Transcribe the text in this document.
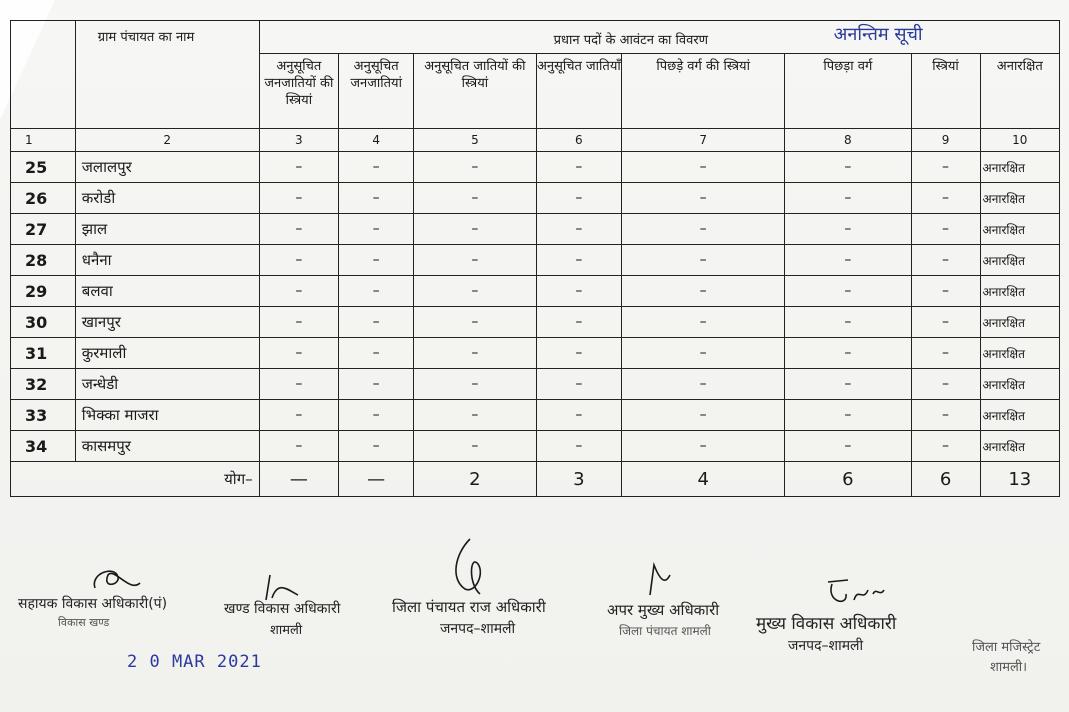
	ग्राम पंचायत का नाम	प्रधान पदों के आवंटन का विवरण अनन्तिम सूची							

		अनुसूचित जनजातियों की स्त्रियां	अनुसूचित जनजातियां	अनुसूचित जातियों की स्त्रियां	अनुसूचित जातियॉं	पिछड़े वर्ग की स्त्रियां	पिछड़ा वर्ग	स्त्रियां	अनारक्षित
1	2	3	4	5	6	7	8	9	10
25	जलालपुर	–	–	–	–	–	–	–	अनारक्षित
26	करोडी	–	–	–	–	–	–	–	अनारक्षित
27	झाल	–	–	–	–	–	–	–	अनारक्षित
28	धनैना	–	–	–	–	–	–	–	अनारक्षित
29	बलवा	–	–	–	–	–	–	–	अनारक्षित
30	खानपुर	–	–	–	–	–	–	–	अनारक्षित
31	कुरमाली	–	–	–	–	–	–	–	अनारक्षित
32	जन्धेडी	–	–	–	–	–	–	–	अनारक्षित
33	भिक्का माजरा	–	–	–	–	–	–	–	अनारक्षित
34	कासमपुर	–	–	–	–	–	–	–	अनारक्षित
योग–		—	—	2	3	4	6	6	13
सहायक विकास अधिकारी(पं)
विकास खण्ड
खण्ड विकास अधिकारी
शामली
जिला पंचायत राज अधिकारी
जनपद–शामली
अपर मुख्य अधिकारी
जिला पंचायत शामली	मुख्य विकास अधिकारी
जनपद–शामली	जिला मजिस्ट्रेट
शामली।
2 0 MAR 2021
